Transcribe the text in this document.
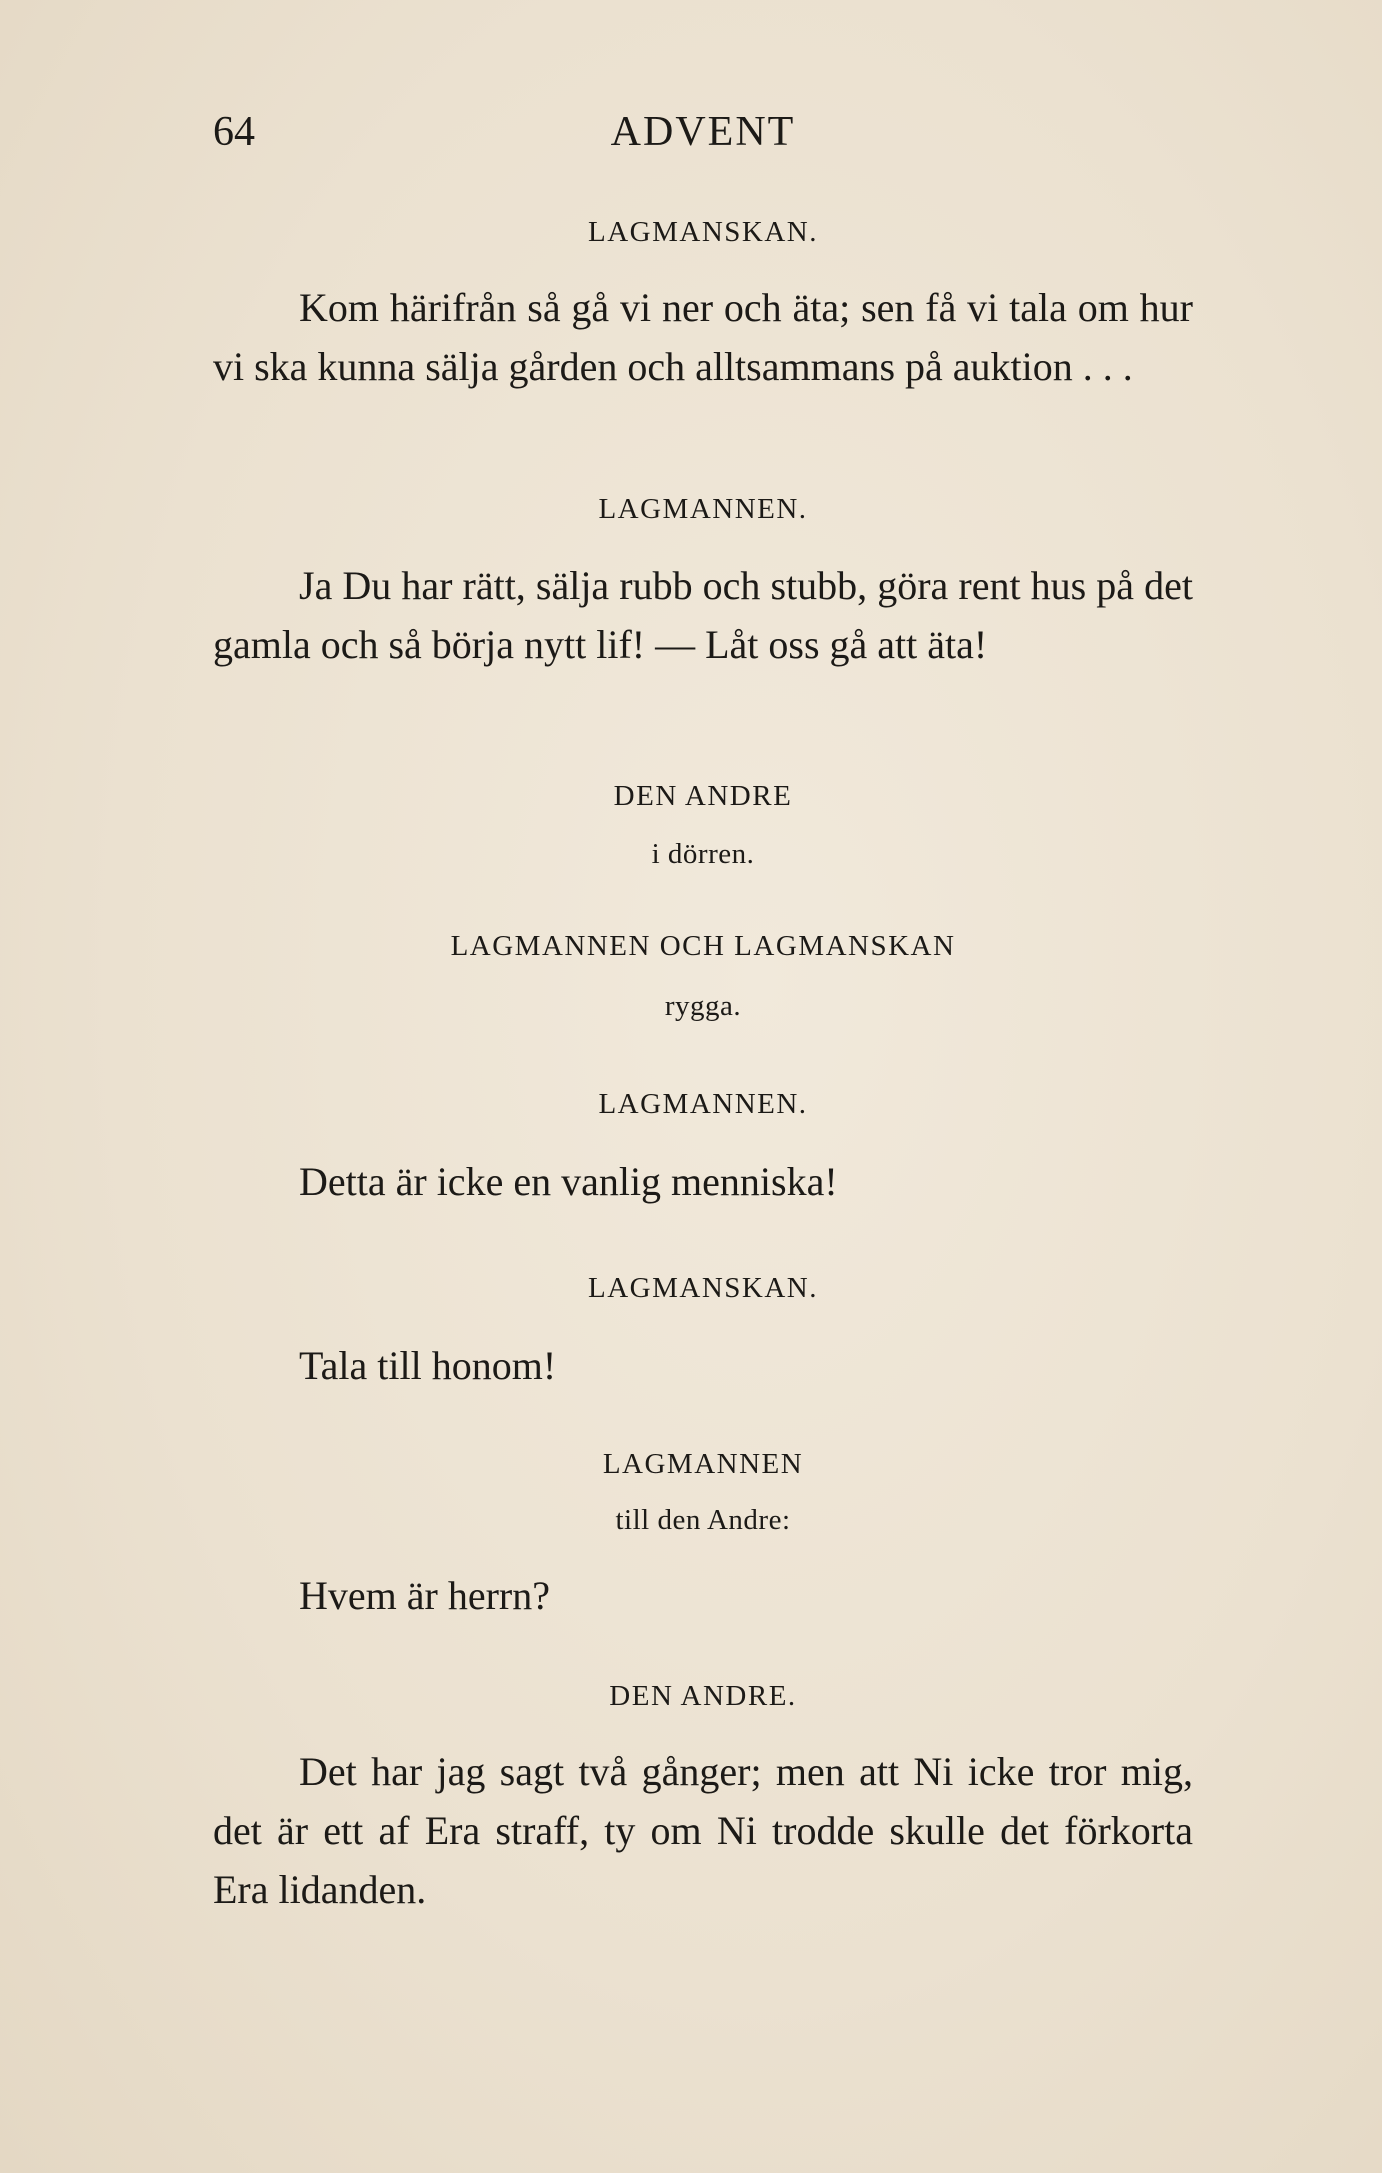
64	ADVENT
LAGMANSKAN.

Kom härifrån så gå vi ner och äta; sen få vi tala om hur vi ska kunna sälja gården och alltsammans på auktion . . .

LAGMANNEN.

Ja Du har rätt, sälja rubb och stubb, göra rent hus på det gamla och så börja nytt lif! — Låt oss gå att äta!

DEN ANDRE
i dörren.
LAGMANNEN OCH LAGMANSKAN
rygga.
LAGMANNEN.

Detta är icke en vanlig menniska!

LAGMANSKAN.

Tala till honom!

LAGMANNEN
till den Andre:

Hvem är herrn?

DEN ANDRE.

Det har jag sagt två gånger; men att Ni icke tror mig, det är ett af Era straff, ty om Ni trodde skulle det förkorta Era lidanden.
